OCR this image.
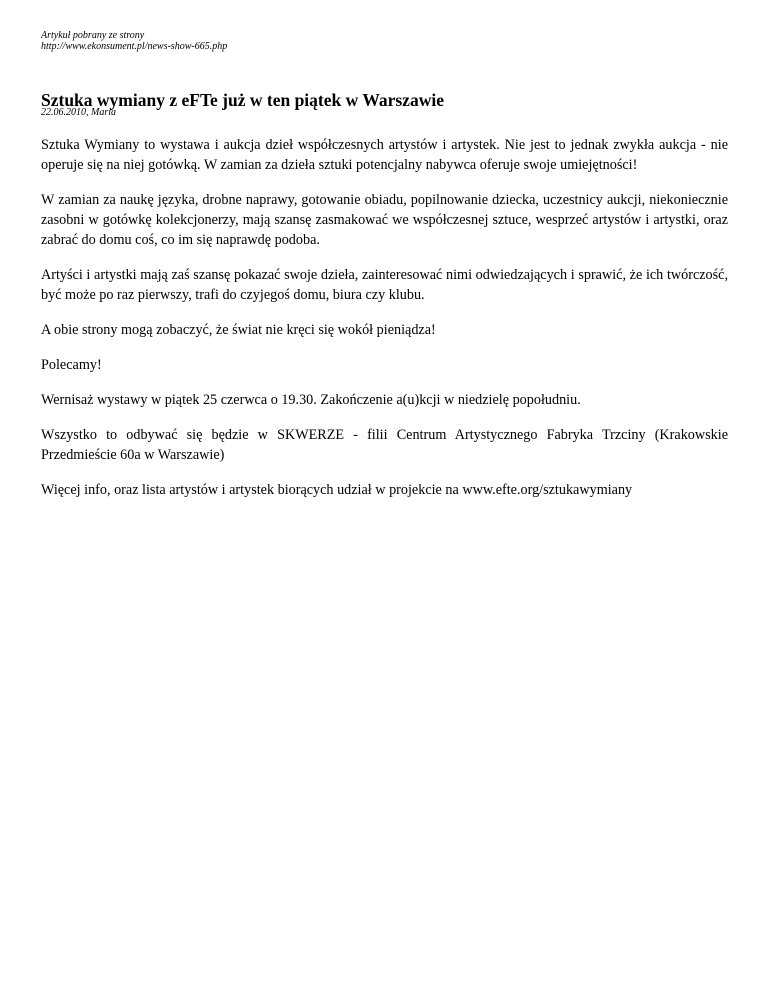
Artykuł pobrany ze strony
http://www.ekonsument.pl/news-show-665.php
Sztuka wymiany z eFTe już w ten piątek w Warszawie
22.06.2010, Maria

Sztuka Wymiany to wystawa i aukcja dzieł współczesnych artystów i artystek. Nie jest to jednak zwykła aukcja - nie operuje się na niej gotówką. W zamian za dzieła sztuki potencjalny nabywca oferuje swoje umiejętności!

W zamian za naukę języka, drobne naprawy, gotowanie obiadu, popilnowanie dziecka, uczestnicy aukcji, niekoniecznie zasobni w gotówkę kolekcjonerzy, mają szansę zasmakować we współczesnej sztuce, wesprzeć artystów i artystki, oraz zabrać do domu coś, co im się naprawdę podoba.

Artyści i artystki mają zaś szansę pokazać swoje dzieła, zainteresować nimi odwiedzających i sprawić, że ich twórczość, być może po raz pierwszy, trafi do czyjegoś domu, biura czy klubu.

A obie strony mogą zobaczyć, że świat nie kręci się wokół pieniądza!

Polecamy!

Wernisaż wystawy w piątek 25 czerwca o 19.30. Zakończenie a(u)kcji w niedzielę popołudniu.

Wszystko to odbywać się będzie w SKWERZE - filii Centrum Artystycznego Fabryka Trzciny (Krakowskie Przedmieście 60a w Warszawie)

Więcej info, oraz lista artystów i artystek biorących udział w projekcie na www.efte.org/sztukawymiany
